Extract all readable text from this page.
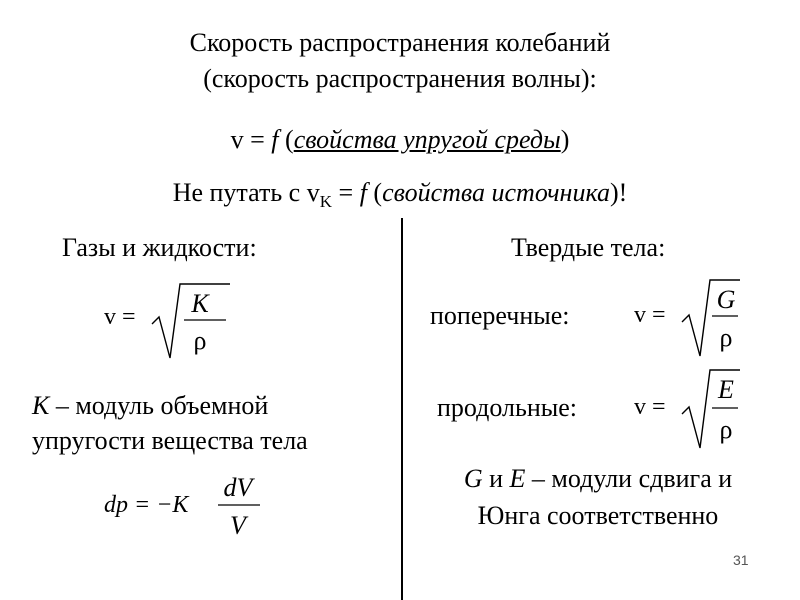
Скорость распространения колебаний
(скорость распространения волны):
v = f (свойства упругой среды)
Не путать с $v_K = f$ (свойства источника)!
Газы и жидкости:
v = K
ρ
K – модуль объемной
упругости вещества тела
dp = −K
dV
V
Твердые тела:
поперечные:	v =
G
ρ
продольные: v =
E
ρ
G и E – модули сдвига и
Юнга соответственно
31
